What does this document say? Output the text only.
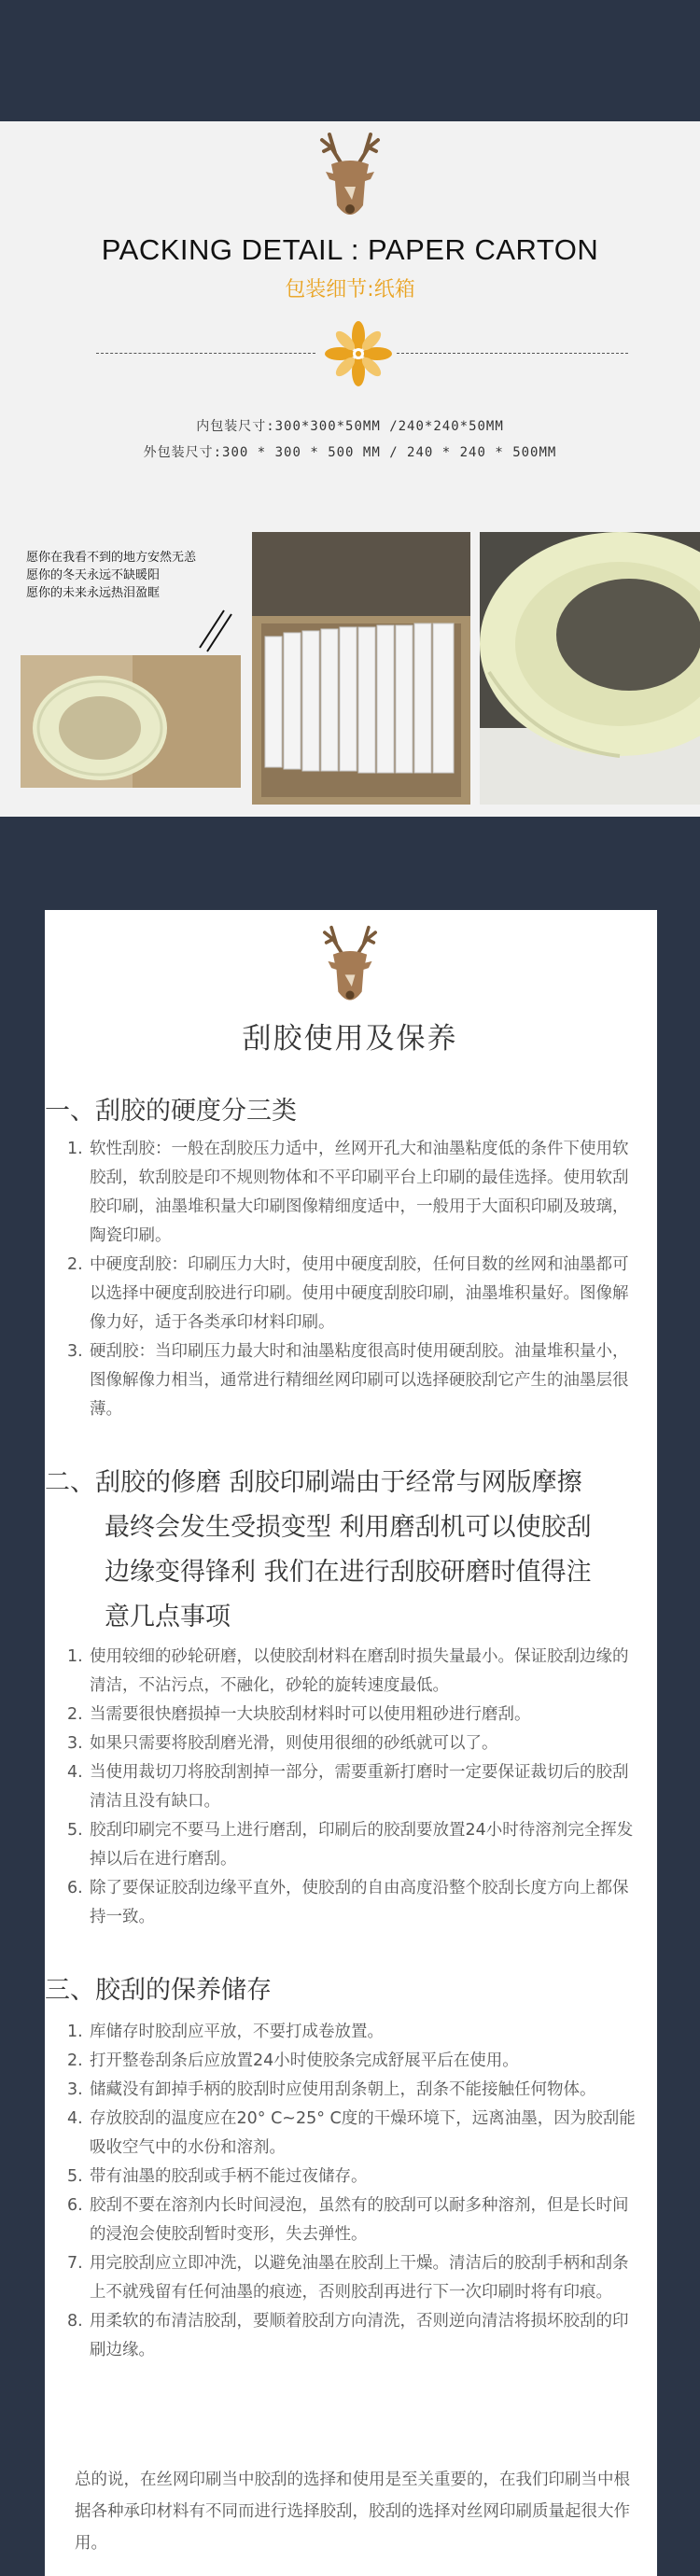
PACKING DETAIL : PAPER CARTON
包装细节:纸箱
内包装尺寸:300*300*50MM /240*240*50MM
外包装尺寸:300 * 300 * 500 MM / 240 * 240 * 500MM
愿你在我看不到的地方安然无恙
愿你的冬天永远不缺暖阳
愿你的未来永远热泪盈眶
刮胶使用及保养
一、刮胶的硬度分三类
1. 软性刮胶：一般在刮胶压力适中，丝网开孔大和油墨粘度低的条件下使用软胶刮，软刮胶是印不规则物体和不平印刷平台上印刷的最佳选择。使用软刮胶印刷，油墨堆积量大印刷图像精细度适中，一般用于大面积印刷及玻璃，陶瓷印刷。
2. 中硬度刮胶：印刷压力大时，使用中硬度刮胶，任何目数的丝网和油墨都可以选择中硬度刮胶进行印刷。使用中硬度刮胶印刷，油墨堆积量好。图像解像力好，适于各类承印材料印刷。
3. 硬刮胶：当印刷压力最大时和油墨粘度很高时使用硬刮胶。油量堆积量小，图像解像力相当，通常进行精细丝网印刷可以选择硬胶刮它产生的油墨层很薄。
二、刮胶的修磨 刮胶印刷端由于经常与网版摩擦
最终会发生受损变型 利用磨刮机可以使胶刮
边缘变得锋利 我们在进行刮胶研磨时值得注
意几点事项
1. 使用较细的砂轮研磨，以使胶刮材料在磨刮时损失量最小。保证胶刮边缘的清洁，不沾污点，不融化，砂轮的旋转速度最低。
2. 当需要很快磨损掉一大块胶刮材料时可以使用粗砂进行磨刮。
3. 如果只需要将胶刮磨光滑，则使用很细的砂纸就可以了。
4. 当使用裁切刀将胶刮割掉一部分，需要重新打磨时一定要保证裁切后的胶刮清洁且没有缺口。
5. 胶刮印刷完不要马上进行磨刮，印刷后的胶刮要放置24小时待溶剂完全挥发掉以后在进行磨刮。
6. 除了要保证胶刮边缘平直外，使胶刮的自由高度沿整个胶刮长度方向上都保持一致。
三、胶刮的保养储存
1. 库储存时胶刮应平放，不要打成卷放置。
2. 打开整卷刮条后应放置24小时使胶条完成舒展平后在使用。
3. 储藏没有卸掉手柄的胶刮时应使用刮条朝上，刮条不能接触任何物体。
4. 存放胶刮的温度应在20° C~25° C度的干燥环境下，远离油墨，因为胶刮能吸收空气中的水份和溶剂。
5. 带有油墨的胶刮或手柄不能过夜储存。
6. 胶刮不要在溶剂内长时间浸泡，虽然有的胶刮可以耐多种溶剂，但是长时间的浸泡会使胶刮暂时变形，失去弹性。
7. 用完胶刮应立即冲洗，以避免油墨在胶刮上干燥。清洁后的胶刮手柄和刮条上不就残留有任何油墨的痕迹，否则胶刮再进行下一次印刷时将有印痕。
8. 用柔软的布清洁胶刮，要顺着胶刮方向清洗，否则逆向清洁将损坏胶刮的印刷边缘。
总的说，在丝网印刷当中胶刮的选择和使用是至关重要的，在我们印刷当中根据各种承印材料有不同而进行选择胶刮，胶刮的选择对丝网印刷质量起很大作用。
